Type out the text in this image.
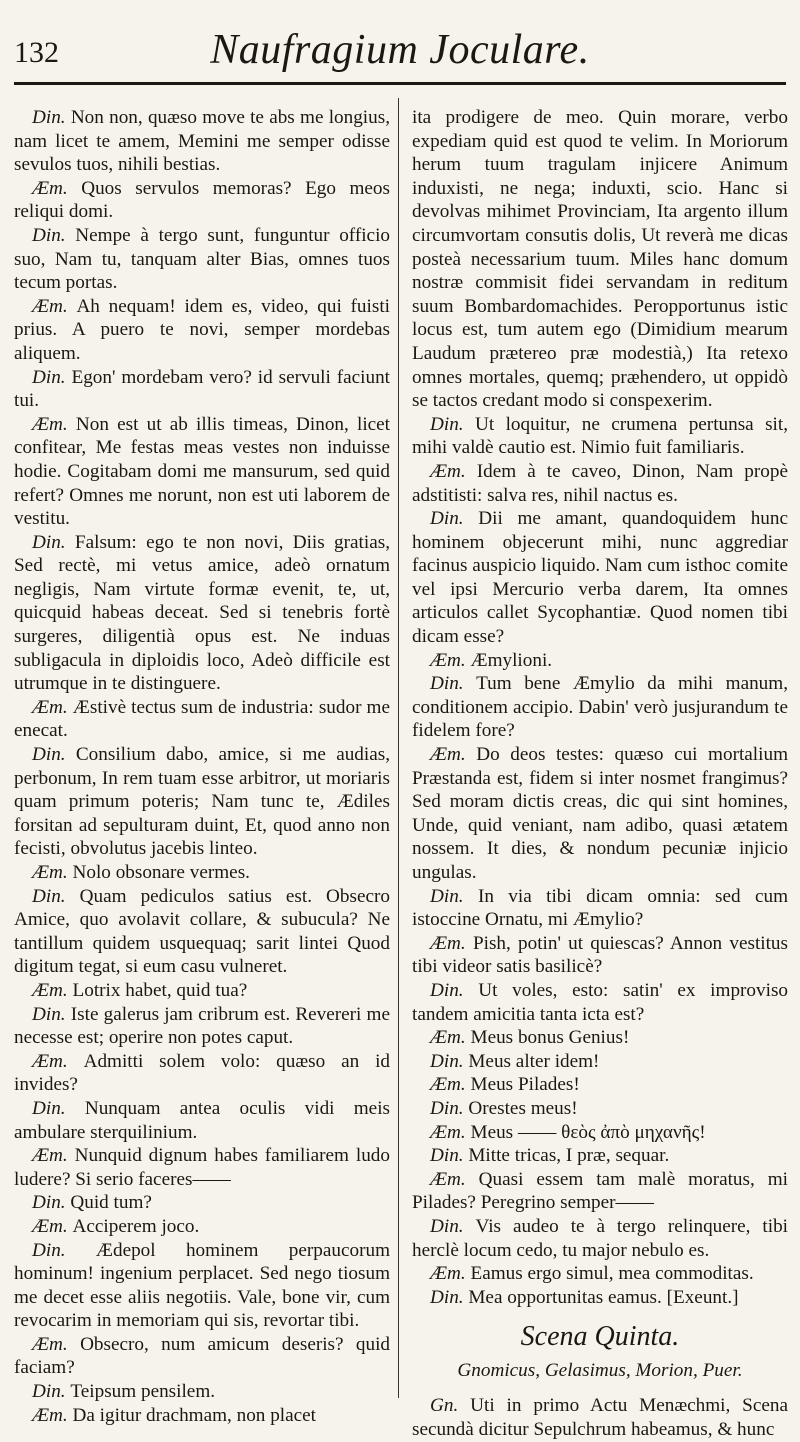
132	Naufragium Joculare.

Din. Non non, quæso move te abs me longius, nam licet te amem, Memini me semper odisse sevulos tuos, nihili bestias.

Æm. Quos servulos memoras? Ego meos reliqui domi.

Din. Nempe à tergo sunt, funguntur officio suo, Nam tu, tanquam alter Bias, omnes tuos tecum portas.

Æm. Ah nequam! idem es, video, qui fuisti prius. A puero te novi, semper mordebas aliquem.

Din. Egon' mordebam vero? id servuli faciunt tui.

Æm. Non est ut ab illis timeas, Dinon, licet confitear, Me festas meas vestes non induisse hodie. Cogitabam domi me mansurum, sed quid refert? Omnes me norunt, non est uti laborem de vestitu.

Din. Falsum: ego te non novi, Diis gratias, Sed rectè, mi vetus amice, adeò ornatum negligis, Nam virtute formæ evenit, te, ut, quicquid habeas deceat. Sed si tenebris fortè surgeres, diligentià opus est. Ne induas subligacula in diploidis loco, Adeò difficile est utrumque in te distinguere.

Æm. Æstivè tectus sum de industria: sudor me enecat.

Din. Consilium dabo, amice, si me audias, perbonum, In rem tuam esse arbitror, ut moriaris quam primum poteris; Nam tunc te, Ædiles forsitan ad sepulturam duint, Et, quod anno non fecisti, obvolutus jacebis linteo.

Æm. Nolo obsonare vermes.

Din. Quam pediculos satius est. Obsecro Amice, quo avolavit collare, & subucula? Ne tantillum quidem usquequaq; sarit lintei Quod digitum tegat, si eum casu vulneret.

Æm. Lotrix habet, quid tua?

Din. Iste galerus jam cribrum est. Revereri me necesse est; operire non potes caput.

Æm. Admitti solem volo: quæso an id invides?

Din. Nunquam antea oculis vidi meis ambulare sterquilinium.

Æm. Nunquid dignum habes familiarem ludo ludere? Si serio faceres——

Din. Quid tum?

Æm. Acciperem joco.

Din. Ædepol hominem perpaucorum hominum! ingenium perplacet. Sed nego tiosum me decet esse aliis negotiis. Vale, bone vir, cum revocarim in memoriam qui sis, revortar tibi.

Æm. Obsecro, num amicum deseris? quid faciam?

Din. Teipsum pensilem.

Æm. Da igitur drachmam, non placet

ita prodigere de meo. Quin morare, verbo expediam quid est quod te velim. In Moriorum herum tuum tragulam injicere Animum induxisti, ne nega; induxti, scio. Hanc si devolvas mihimet Provinciam, Ita argento illum circumvortam consutis dolis, Ut reverà me dicas posteà necessarium tuum. Miles hanc domum nostræ commisit fidei servandam in reditum suum Bombardomachides. Peropportunus istic locus est, tum autem ego (Dimidium mearum Laudum prætereo præ modestià,) Ita retexo omnes mortales, quemq; præhendero, ut oppidò se tactos credant modo si conspexerim.

Din. Ut loquitur, ne crumena pertunsa sit, mihi valdè cautio est. Nimio fuit familiaris.

Æm. Idem à te caveo, Dinon, Nam propè adstitisti: salva res, nihil nactus es.

Din. Dii me amant, quandoquidem hunc hominem objecerunt mihi, nunc aggrediar facinus auspicio liquido. Nam cum isthoc comite vel ipsi Mercurio verba darem, Ita omnes articulos callet Sycophantiæ. Quod nomen tibi dicam esse?

Æm. Æmylioni.

Din. Tum bene Æmylio da mihi manum, conditionem accipio. Dabin' verò jusjurandum te fidelem fore?

Æm. Do deos testes: quæso cui mortalium Præstanda est, fidem si inter nosmet frangimus? Sed moram dictis creas, dic qui sint homines, Unde, quid veniant, nam adibo, quasi ætatem nossem. It dies, & nondum pecuniæ injicio ungulas.

Din. In via tibi dicam omnia: sed cum istoccine Ornatu, mi Æmylio?

Æm. Pish, potin' ut quiescas? Annon vestitus tibi videor satis basilicè?

Din. Ut voles, esto: satin' ex improviso tandem amicitia tanta icta est?

Æm. Meus bonus Genius!

Din. Meus alter idem!

Æm. Meus Pilades!

Din. Orestes meus!

Æm. Meus —— θεὸς ἀπὸ μηχανῆς!

Din. Mitte tricas, I præ, sequar.

Æm. Quasi essem tam malè moratus, mi Pilades? Peregrino semper——

Din. Vis audeo te à tergo relinquere, tibi herclè locum cedo, tu major nebulo es.

Æm. Eamus ergo simul, mea commoditas.

Din. Mea opportunitas eamus. [Exeunt.]

Scena Quinta.
Gnomicus, Gelasimus, Morion, Puer.

Gn. Uti in primo Actu Menæchmi, Scena secundà dicitur Sepulchrum habeamus, & hunc
